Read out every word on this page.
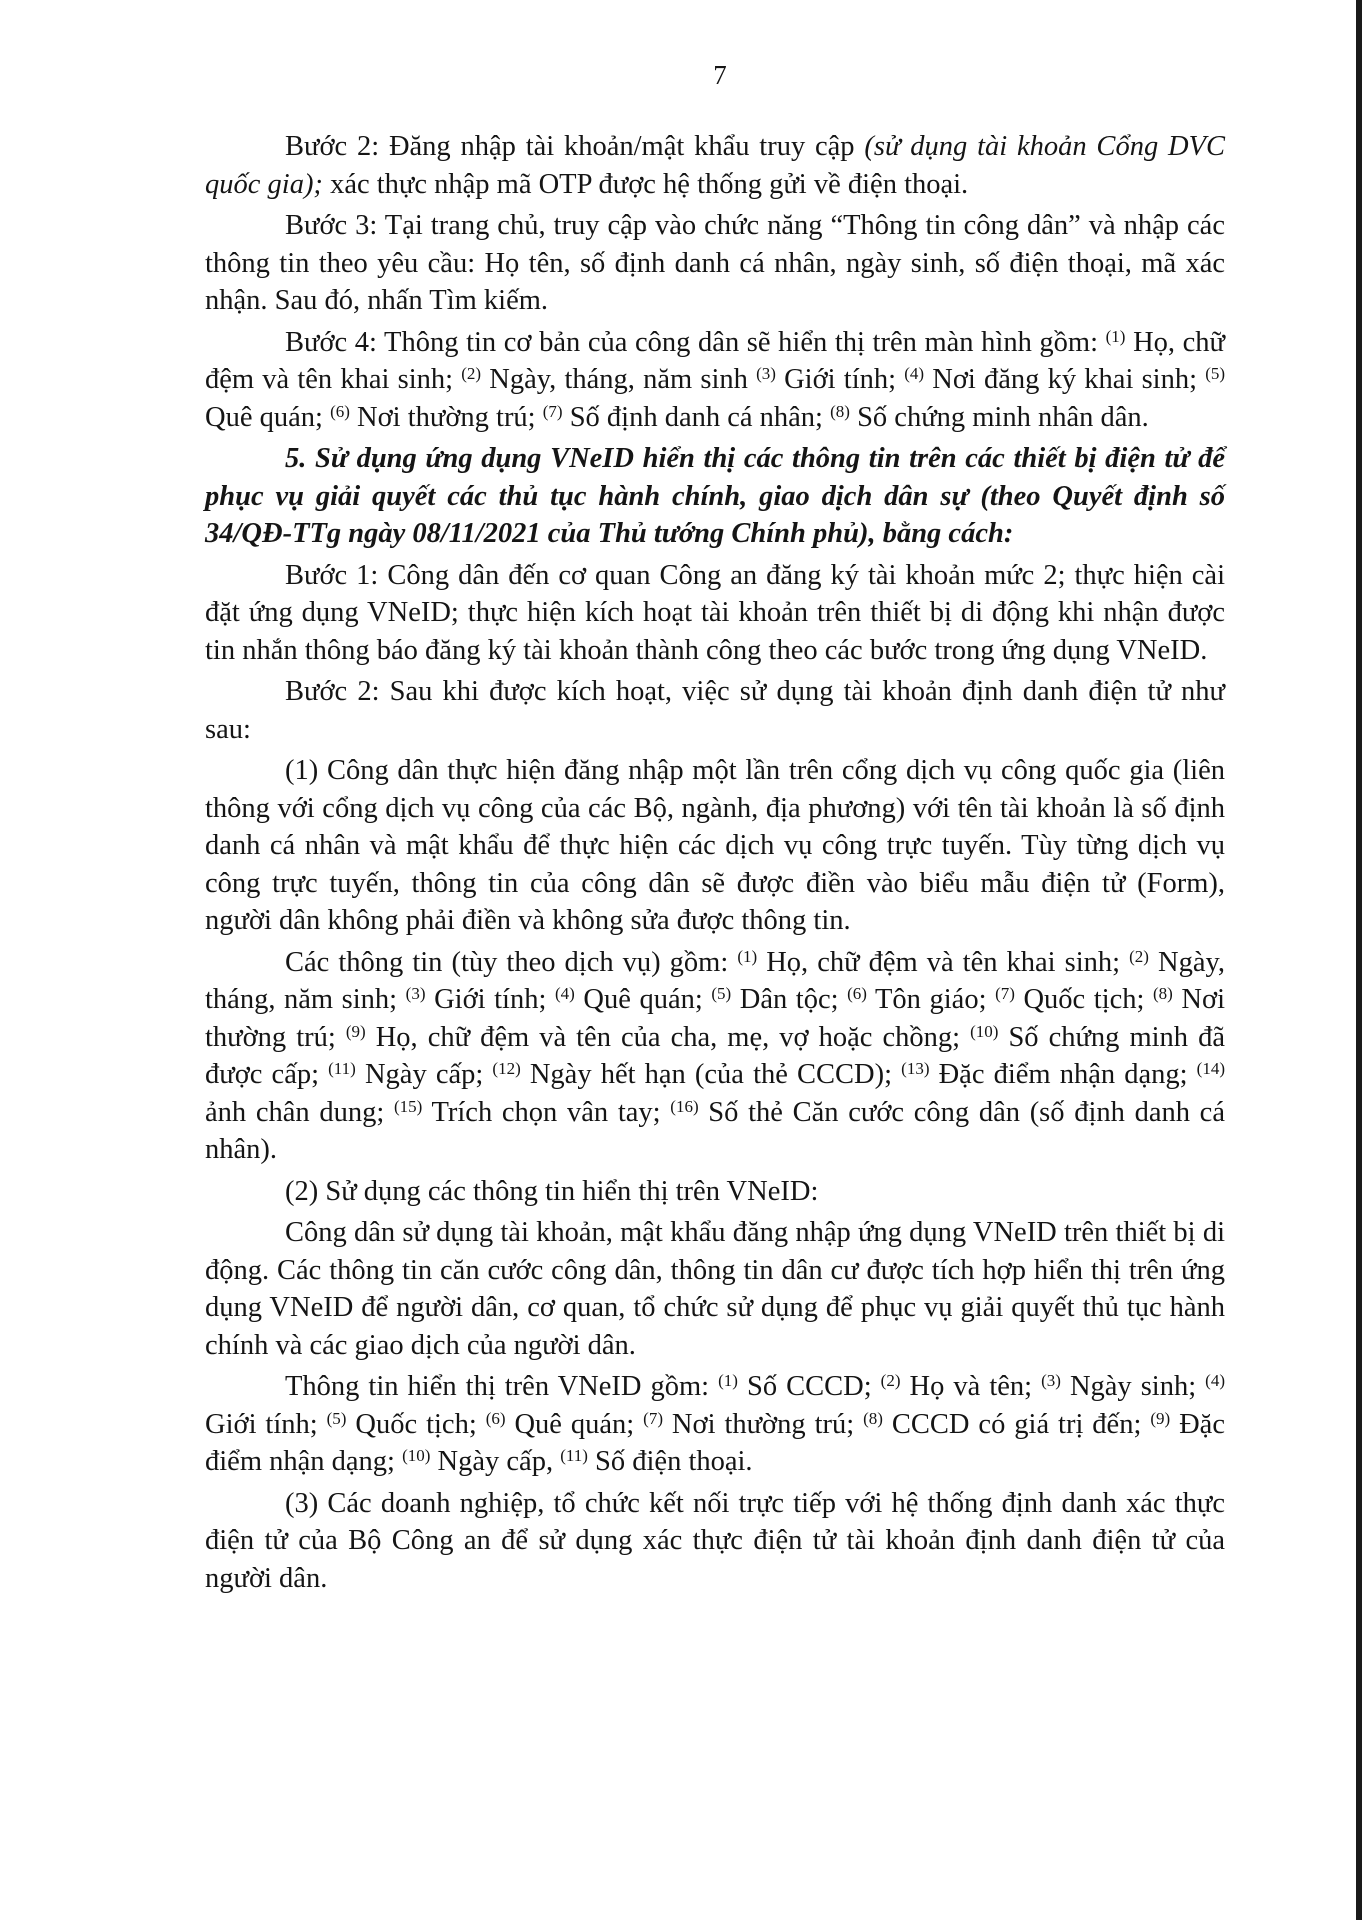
7

Bước 2: Đăng nhập tài khoản/mật khẩu truy cập (sử dụng tài khoản Cổng DVC quốc gia); xác thực nhập mã OTP được hệ thống gửi về điện thoại.

Bước 3: Tại trang chủ, truy cập vào chức năng “Thông tin công dân” và nhập các thông tin theo yêu cầu: Họ tên, số định danh cá nhân, ngày sinh, số điện thoại, mã xác nhận. Sau đó, nhấn Tìm kiếm.

Bước 4: Thông tin cơ bản của công dân sẽ hiển thị trên màn hình gồm: $^{(1)}$ Họ, chữ đệm và tên khai sinh; $^{(2)}$ Ngày, tháng, năm sinh $^{(3)}$ Giới tính; $^{(4)}$ Nơi đăng ký khai sinh; $^{(5)}$ Quê quán; $^{(6)}$ Nơi thường trú; $^{(7)}$ Số định danh cá nhân; $^{(8)}$ Số chứng minh nhân dân.

5. Sử dụng ứng dụng VNeID hiển thị các thông tin trên các thiết bị điện tử để phục vụ giải quyết các thủ tục hành chính, giao dịch dân sự (theo Quyết định số 34/QĐ-TTg ngày 08/11/2021 của Thủ tướng Chính phủ), bằng cách:

Bước 1: Công dân đến cơ quan Công an đăng ký tài khoản mức 2; thực hiện cài đặt ứng dụng VNeID; thực hiện kích hoạt tài khoản trên thiết bị di động khi nhận được tin nhắn thông báo đăng ký tài khoản thành công theo các bước trong ứng dụng VNeID.

Bước 2: Sau khi được kích hoạt, việc sử dụng tài khoản định danh điện tử như sau:

(1) Công dân thực hiện đăng nhập một lần trên cổng dịch vụ công quốc gia (liên thông với cổng dịch vụ công của các Bộ, ngành, địa phương) với tên tài khoản là số định danh cá nhân và mật khẩu để thực hiện các dịch vụ công trực tuyến. Tùy từng dịch vụ công trực tuyến, thông tin của công dân sẽ được điền vào biểu mẫu điện tử (Form), người dân không phải điền và không sửa được thông tin.

Các thông tin (tùy theo dịch vụ) gồm: $^{(1)}$ Họ, chữ đệm và tên khai sinh; $^{(2)}$ Ngày, tháng, năm sinh; $^{(3)}$ Giới tính; $^{(4)}$ Quê quán; $^{(5)}$ Dân tộc; $^{(6)}$ Tôn giáo; $^{(7)}$ Quốc tịch; $^{(8)}$ Nơi thường trú; $^{(9)}$ Họ, chữ đệm và tên của cha, mẹ, vợ hoặc chồng; $^{(10)}$ Số chứng minh đã được cấp; $^{(11)}$ Ngày cấp; $^{(12)}$ Ngày hết hạn (của thẻ CCCD); $^{(13)}$ Đặc điểm nhận dạng; $^{(14)}$ ảnh chân dung; $^{(15)}$ Trích chọn vân tay; $^{(16)}$ Số thẻ Căn cước công dân (số định danh cá nhân).

(2) Sử dụng các thông tin hiển thị trên VNeID:

Công dân sử dụng tài khoản, mật khẩu đăng nhập ứng dụng VNeID trên thiết bị di động. Các thông tin căn cước công dân, thông tin dân cư được tích hợp hiển thị trên ứng dụng VNeID để người dân, cơ quan, tổ chức sử dụng để phục vụ giải quyết thủ tục hành chính và các giao dịch của người dân.

Thông tin hiển thị trên VNeID gồm: $^{(1)}$ Số CCCD; $^{(2)}$ Họ và tên; $^{(3)}$ Ngày sinh; $^{(4)}$ Giới tính; $^{(5)}$ Quốc tịch; $^{(6)}$ Quê quán; $^{(7)}$ Nơi thường trú; $^{(8)}$ CCCD có giá trị đến; $^{(9)}$ Đặc điểm nhận dạng; $^{(10)}$ Ngày cấp, $^{(11)}$ Số điện thoại.

(3) Các doanh nghiệp, tổ chức kết nối trực tiếp với hệ thống định danh xác thực điện tử của Bộ Công an để sử dụng xác thực điện tử tài khoản định danh điện tử của người dân.
